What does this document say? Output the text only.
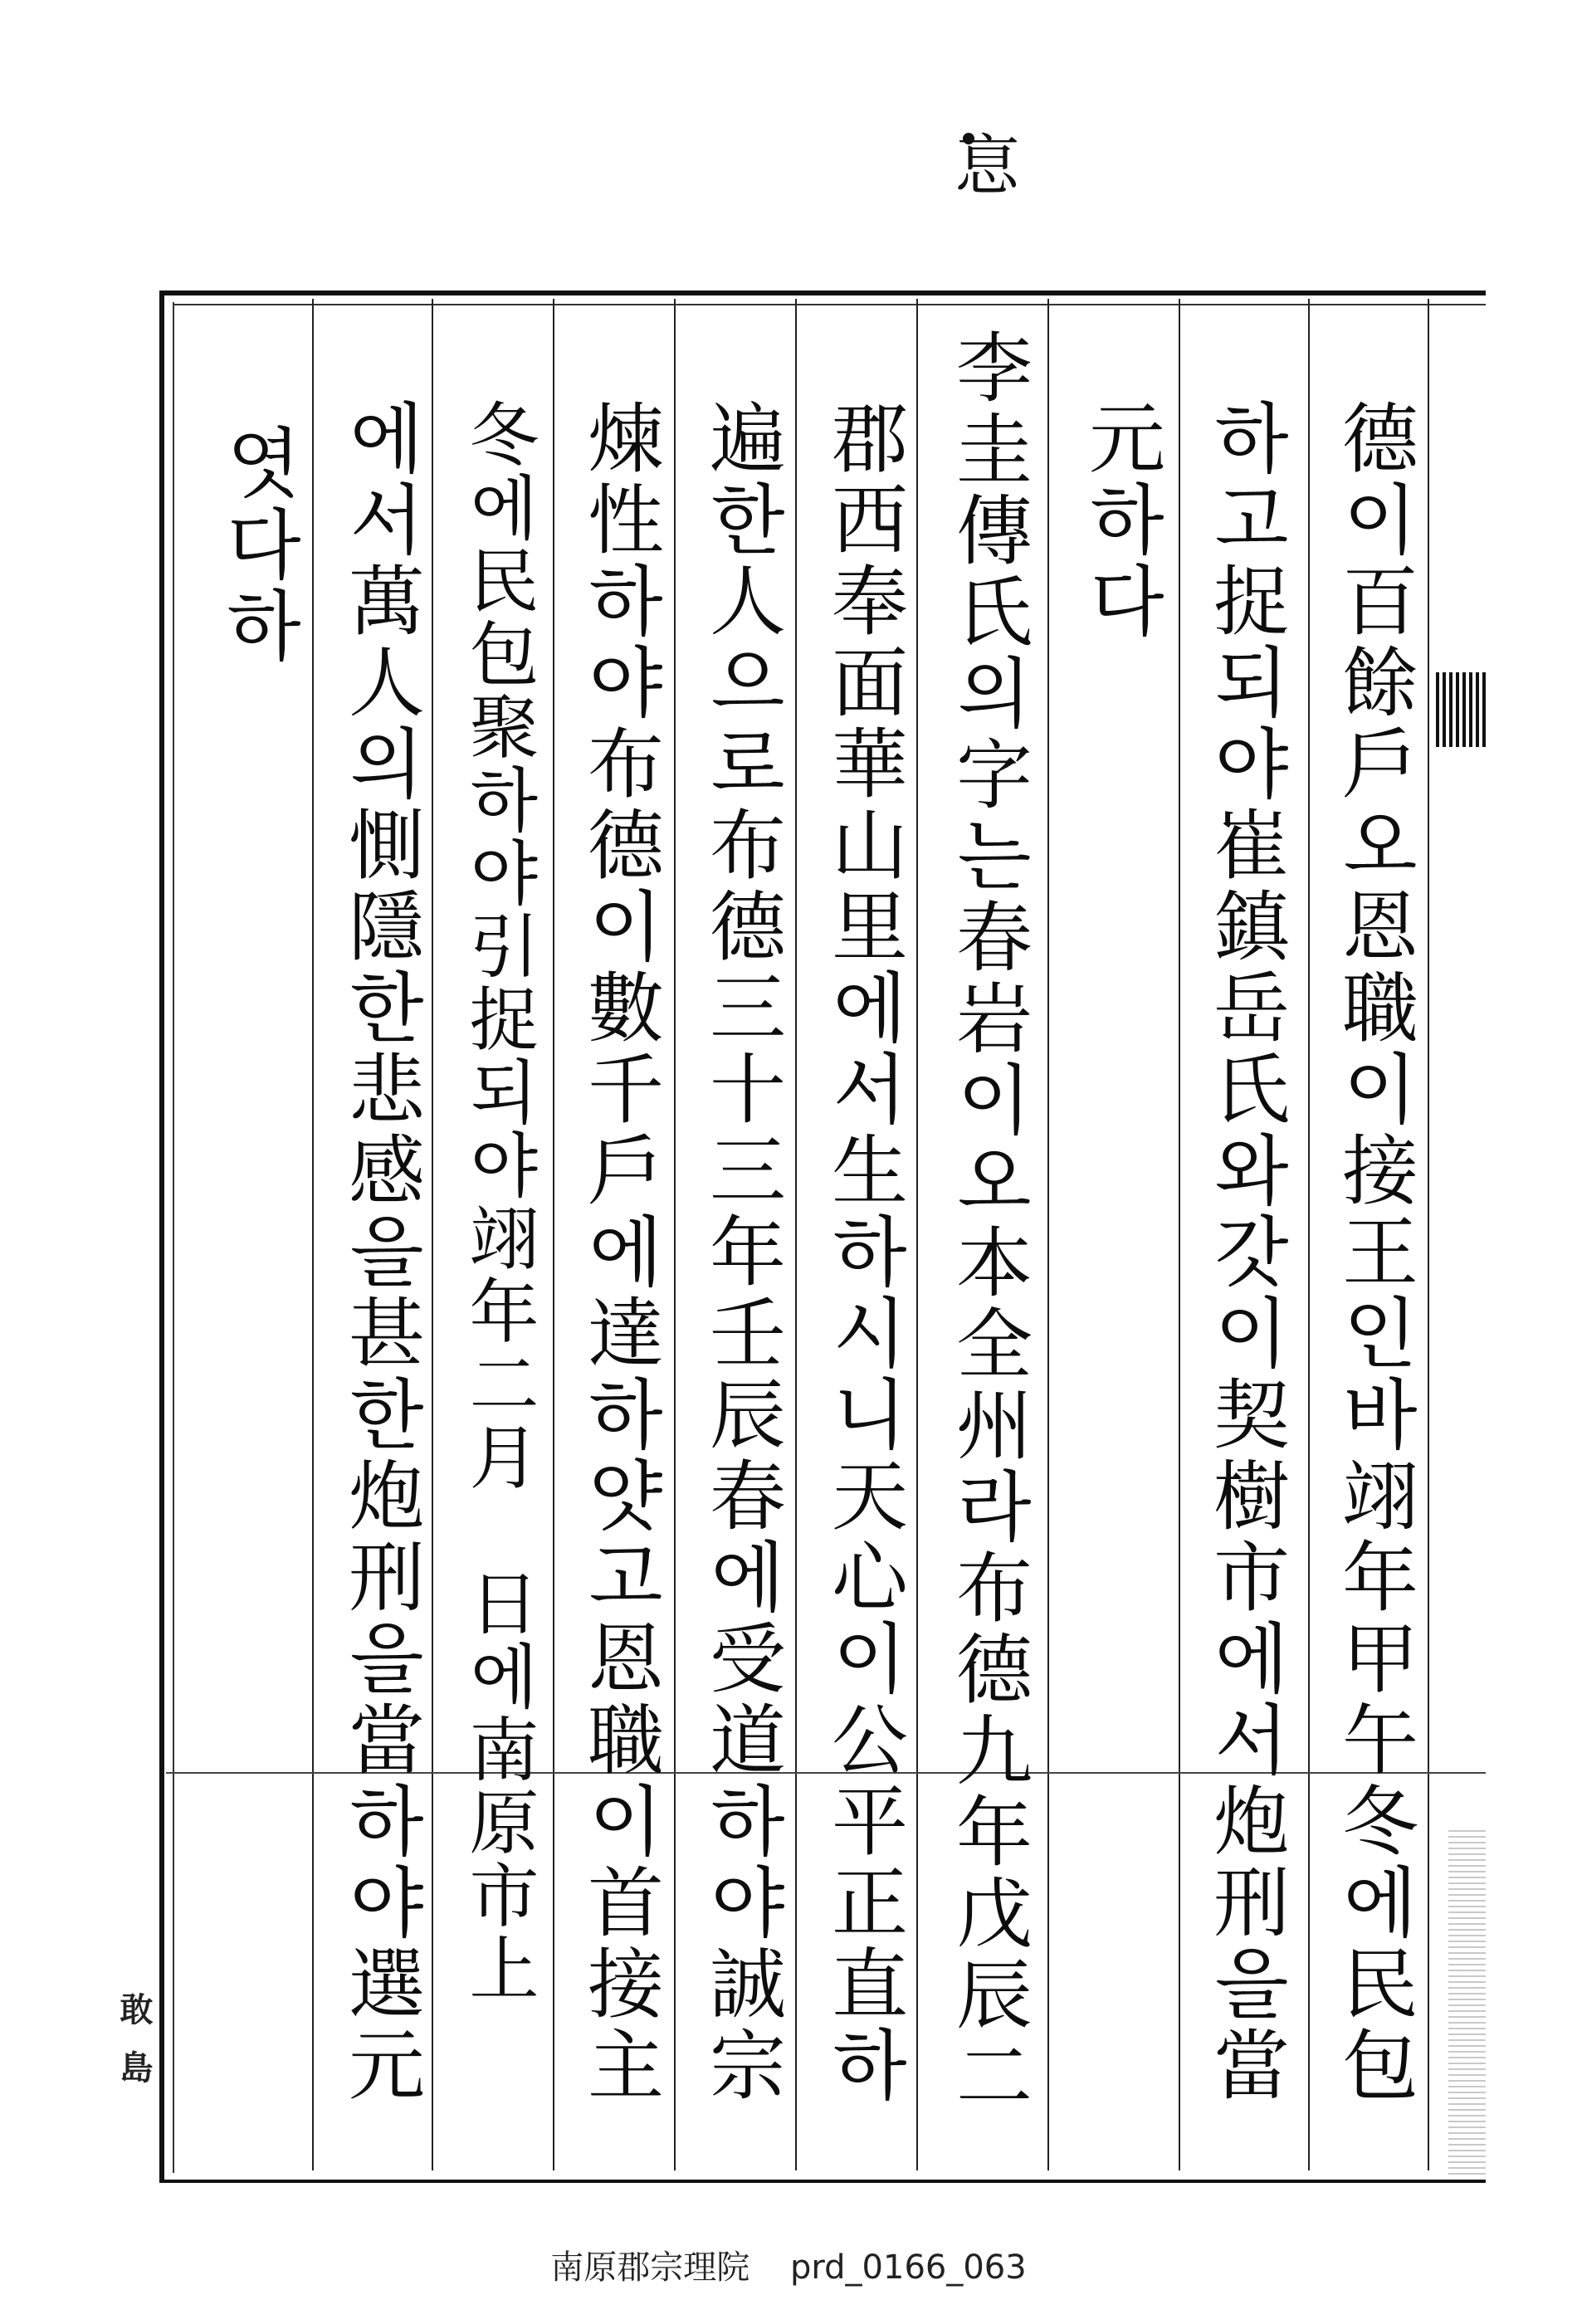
恴
德이百餘戶오恩職이接王인바翊年甲午冬에民包
하고捉되야崔鎮岳氏와갓이契樹市에서炮刑을當
元하다
李圭傳氏의字는春岩이오本全州라布德九年戊辰二
郡西奉面華山里에서生하시니天心이公平正直하
遍한人으로布德三十三年壬辰春에受道하야誠宗
煉性하야布德이數千戶에達하얏고恩職이首接主
冬에民包聚하야引捉되야翊年二月　日에南原市上
에서萬人의惻隱한悲感을甚한炮刑을當하야選元
엿다하
敢島
南原郡宗理院 prd_0166_063
